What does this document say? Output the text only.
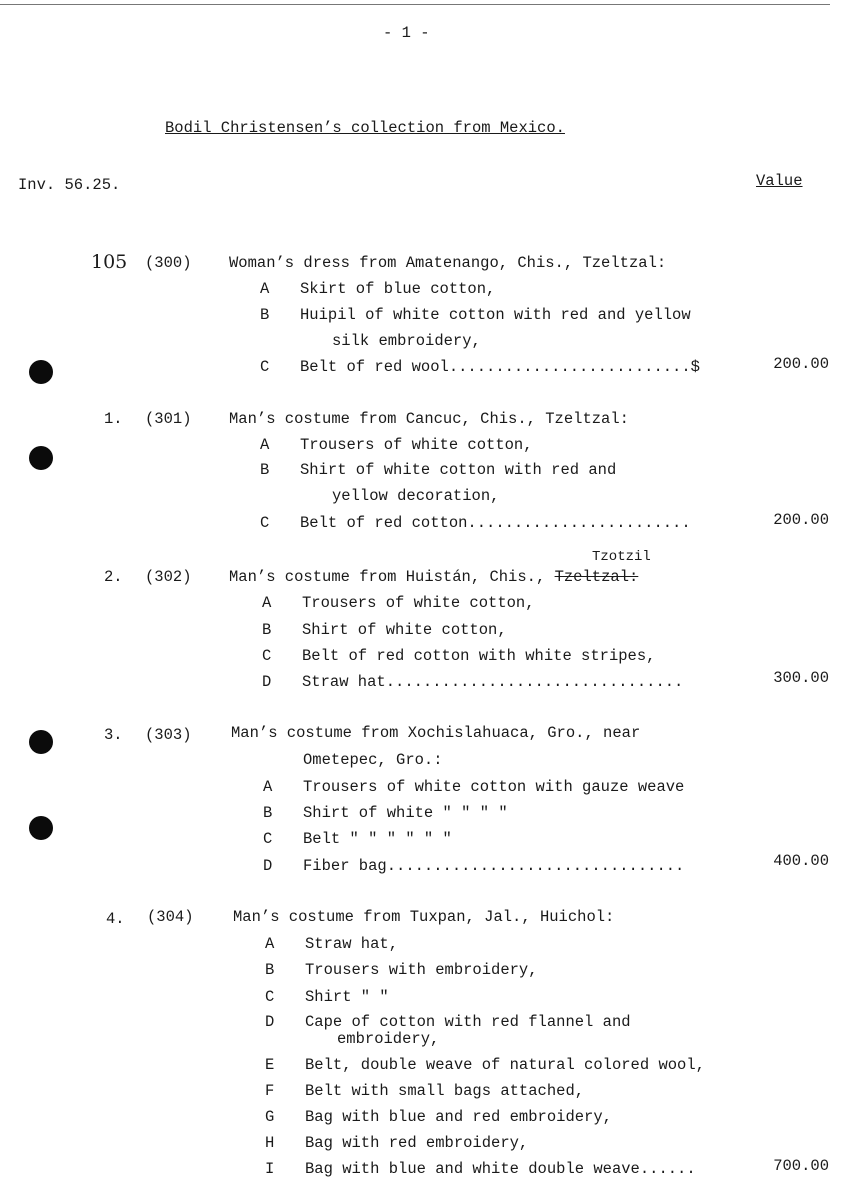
- 1 -
Bodil Christensen’s collection from Mexico.
Inv. 56.25.	Value
105 (300) Woman’s dress from Amatenango, Chis., Tzeltzal:
A Skirt of blue cotton,
B Huipil of white cotton with red and yellow
silk embroidery,
C Belt of red wool..........................$	200.00
1. (301) Man’s costume from Cancuc, Chis., Tzeltzal:
A Trousers of white cotton,
B Shirt of white cotton with red and
yellow decoration,
C Belt of red cotton........................	200.00
Tzotzil
2. (302) Man’s costume from Huistán, Chis., Tzeltzal:
A Trousers of white cotton,
B Shirt of white cotton,
C Belt of red cotton with white stripes,
D Straw hat................................	300.00
3. (303)	Man’s costume from Xochislahuaca, Gro., near
Ometepec, Gro.:
A Trousers of white cotton with gauze weave
B Shirt of white " " " "
C Belt " " " " " "
D Fiber bag................................	400.00
4. (304)	Man’s costume from Tuxpan, Jal., Huichol:
A Straw hat,
B Trousers with embroidery,
C Shirt " "
D Cape of cotton with red flannel and
embroidery,
E Belt, double weave of natural colored wool,
F Belt with small bags attached,
G Bag with blue and red embroidery,
H Bag with red embroidery,
I Bag with blue and white double weave......	700.00
